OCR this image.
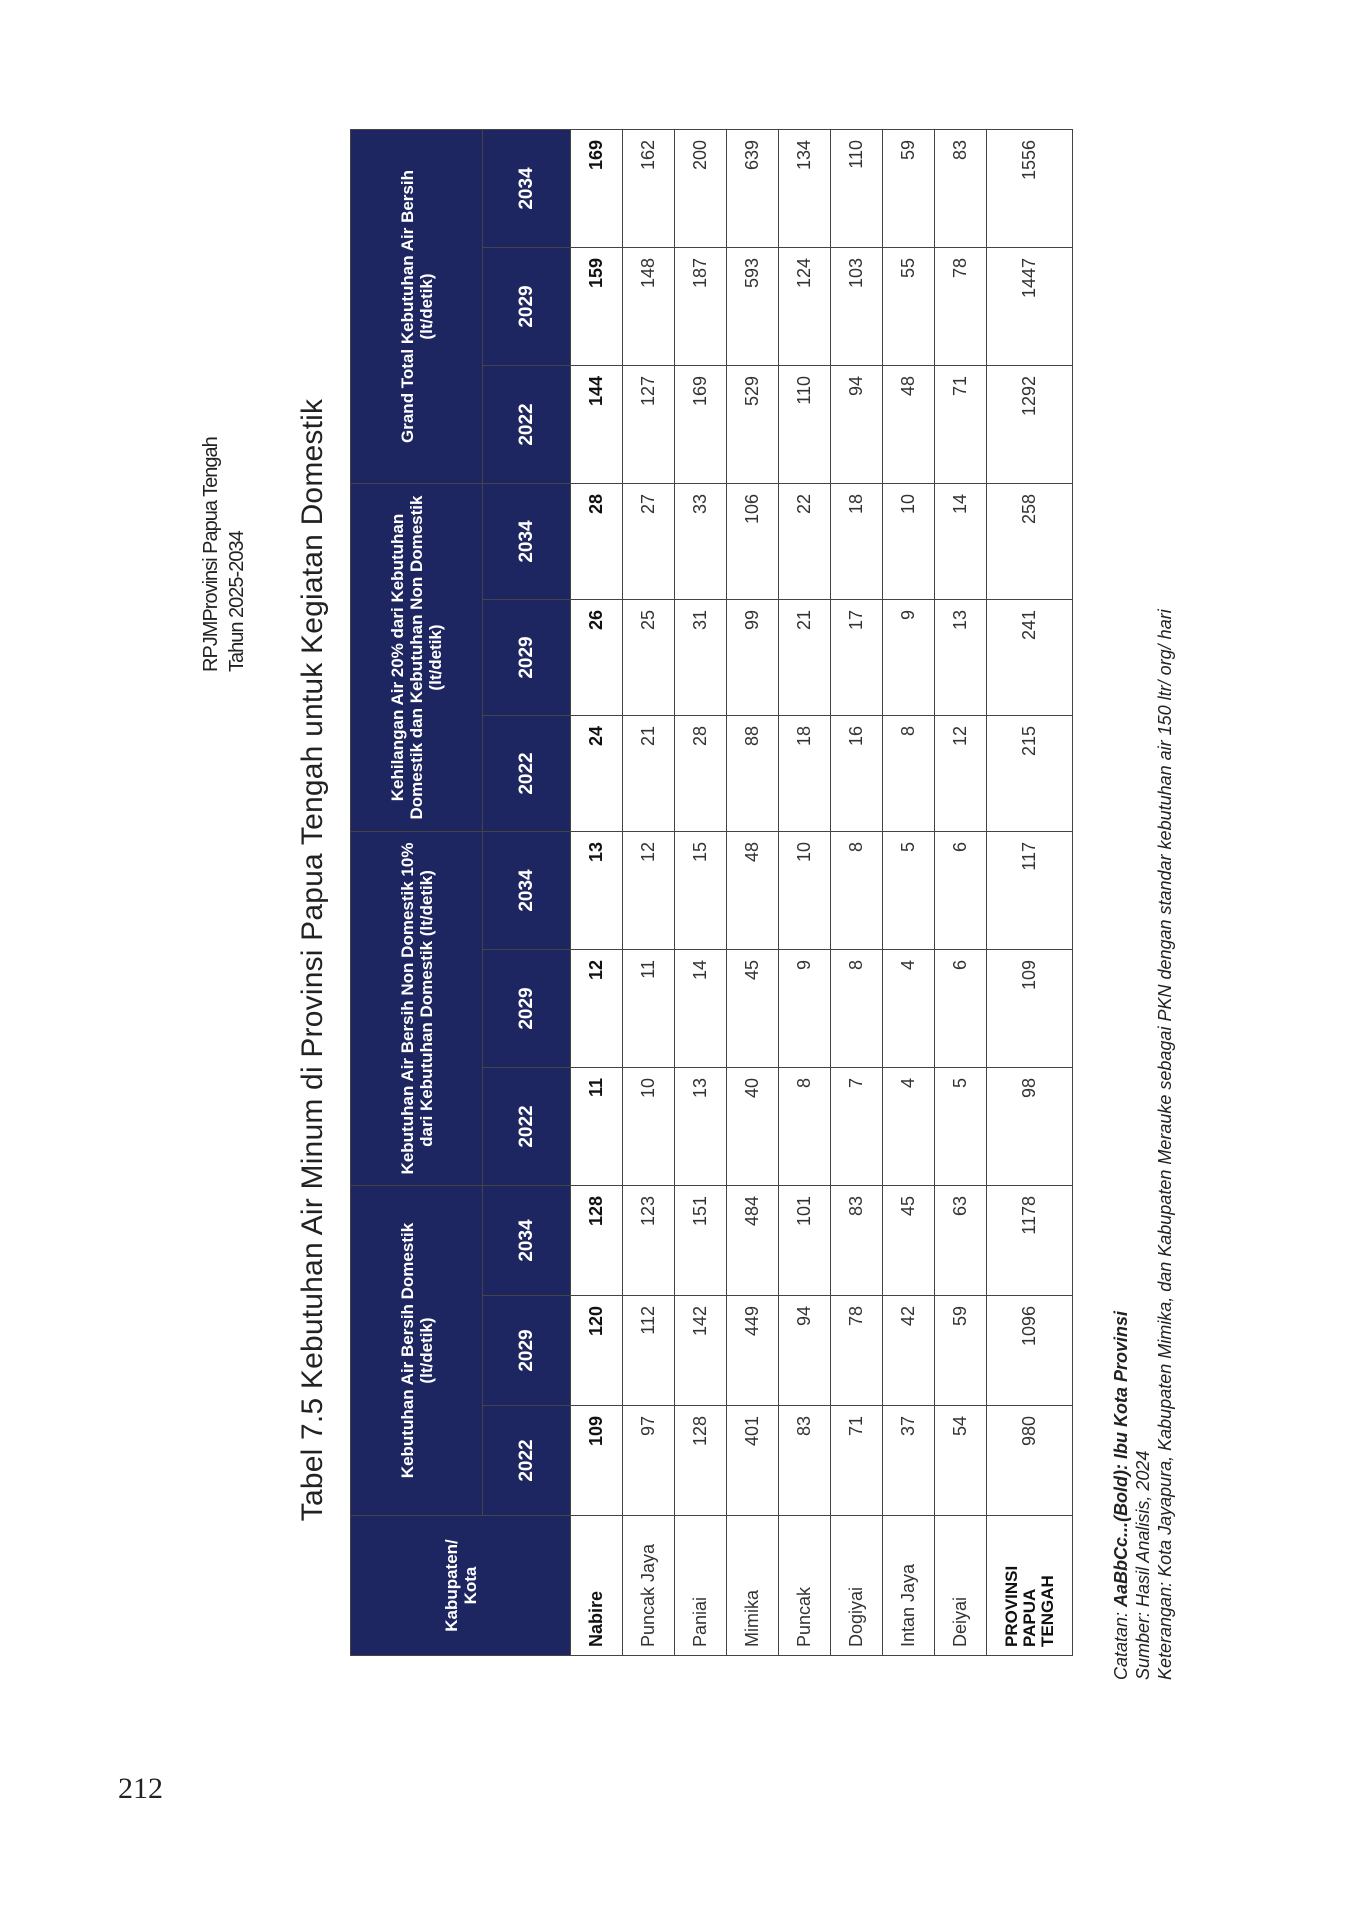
212
RPJMProvinsi Papua Tengah Tahun 2025-2034 Tabel 7.5 Kebutuhan Air Minum di Provinsi Papua Tengah untuk Kegiatan Domestik
Kabupaten/ Kota	Kebutuhan Air Bersih Domestik (lt/detik)			Kebutuhan Air Bersih Non Domestik 10% dari Kebutuhan Domestik (lt/detik)			Kehilangan Air 20% dari Kebutuhan Domestik dan Kebutuhan Non Domestik (lt/detik)			Grand Total Kebutuhan Air Bersih (lt/detik)		
	2022	2029	2034	2022	2029	2034	2022	2029	2034	2022	2029	2034
Nabire	109	120	128	11	12	13	24	26	28	144	159	169
Puncak Jaya	97	112	123	10	11	12	21	25	27	127	148	162
Paniai	128	142	151	13	14	15	28	31	33	169	187	200
Mimika	401	449	484	40	45	48	88	99	106	529	593	639
Puncak	83	94	101	8	9	10	18	21	22	110	124	134
Dogiyai	71	78	83	7	8	8	16	17	18	94	103	110
Intan Jaya	37	42	45	4	4	5	8	9	10	48	55	59
Deiyai	54	59	63	5	6	6	12	13	14	71	78	83

PROVINSI PAPUA TENGAH	980	1096	1178	98	109	117	215	241	258	1292	1447	1556
Catatan: AaBbCc...(Bold): Ibu Kota Provinsi Sumber: Hasil Analisis, 2024 Keterangan: Kota Jayapura, Kabupaten Mimika, dan Kabupaten Merauke sebagai PKN dengan standar kebutuhan air 150 ltr/ org/ hari
